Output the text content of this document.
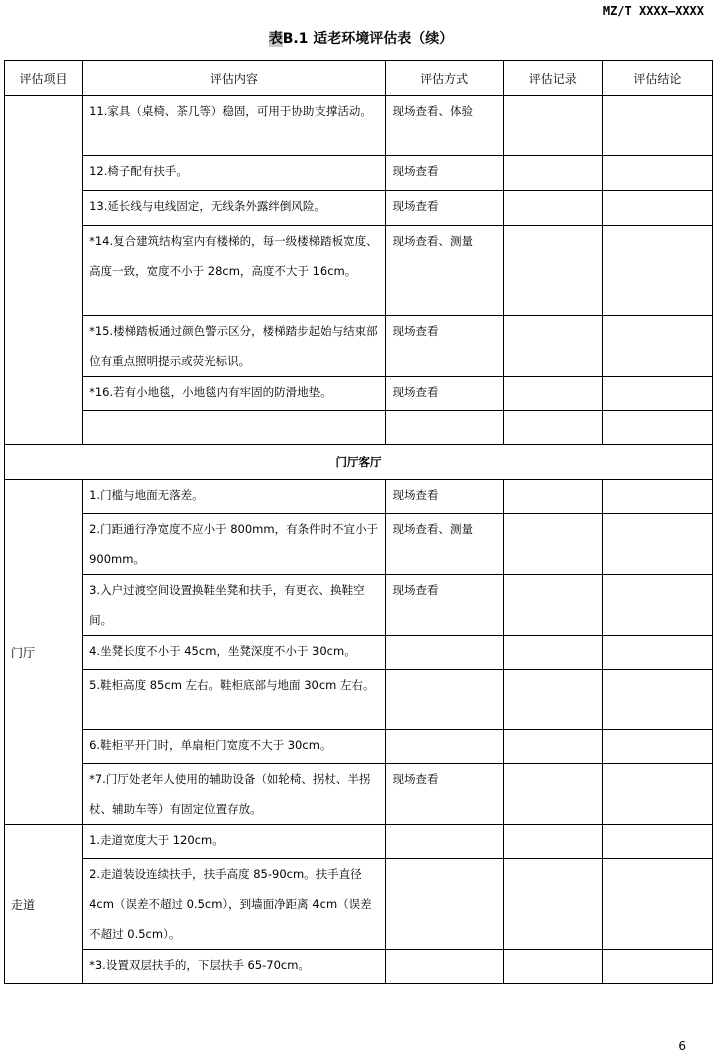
MZ/T XXXX—XXXX
表B.1 适老环境评估表（续）
评估项目	评估内容	评估方式	评估记录	评估结论
	11.家具（桌椅、茶几等）稳固，可用于协助支撑活动。	现场查看、体验		
	12.椅子配有扶手。	现场查看		
	13.延长线与电线固定，无线条外露绊倒风险。	现场查看		
	*14.复合建筑结构室内有楼梯的，每一级楼梯踏板宽度、高度一致，宽度不小于 28cm，高度不大于 16cm。	现场查看、测量		
	*15.楼梯踏板通过颜色警示区分，楼梯踏步起始与结束部位有重点照明提示或荧光标识。	现场查看		
	*16.若有小地毯，小地毯内有牢固的防滑地垫。	现场查看		

门厅客厅				
门厅	1.门槛与地面无落差。	现场查看		
	2.门距通行净宽度不应小于 800mm，有条件时不宜小于 900mm。	现场查看、测量		
	3.入户过渡空间设置换鞋坐凳和扶手，有更衣、换鞋空间。	现场查看		
	4.坐凳长度不小于 45cm，坐凳深度不小于 30cm。			
	5.鞋柜高度 85cm 左右。鞋柜底部与地面 30cm 左右。			
	6.鞋柜平开门时，单扇柜门宽度不大于 30cm。			
	*7.门厅处老年人使用的辅助设备（如轮椅、拐杖、半拐杖、辅助车等）有固定位置存放。	现场查看		
走道	1.走道宽度大于 120cm。			
	2.走道装设连续扶手，扶手高度 85-90cm。扶手直径 4cm（误差不超过 0.5cm），到墙面净距离 4cm（误差不超过 0.5cm）。			
	*3.设置双层扶手的，下层扶手 65-70cm。			
6
